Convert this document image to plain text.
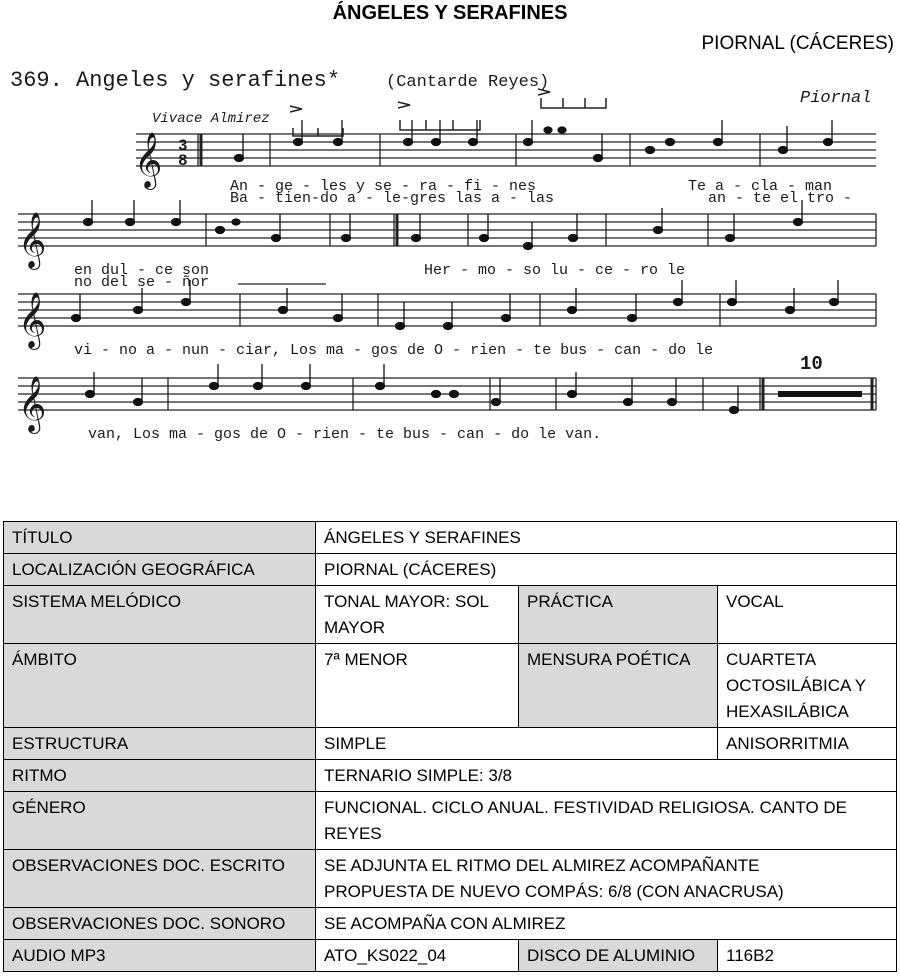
ÁNGELES Y SERAFINES
PIORNAL (CÁCERES)
369. Angeles y serafines*	(Cantarde Reyes)
Piornal
Vivace Almirez
𝄞 3
8
An - ge - les y se - ra - fi - nes	Te a - cla - man
Ba - tien-do a - le-gres las a - las	an - te el tro -
𝄞 en dul - ce son
no del se - ñor
Her - mo - so lu - ce - ro le
𝄞 vi - no a - nun - ciar, Los ma - gos de O - rien - te bus - can - do le
10
𝄞	van, Los ma - gos de O - rien - te bus - can - do le van.
TÍTULO	ÁNGELES Y SERAFINES		
LOCALIZACIÓN GEOGRÁFICA	PIORNAL (CÁCERES)		
SISTEMA MELÓDICO	TONAL MAYOR: SOL MAYOR	PRÁCTICA	VOCAL
ÁMBITO	7ª MENOR	MENSURA POÉTICA	CUARTETA OCTOSILÁBICA Y HEXASILÁBICA
ESTRUCTURA	SIMPLE		ANISORRITMIA
RITMO	TERNARIO SIMPLE: 3/8		
GÉNERO	FUNCIONAL. CICLO ANUAL. FESTIVIDAD RELIGIOSA. CANTO DE REYES		
OBSERVACIONES DOC. ESCRITO	SE ADJUNTA EL RITMO DEL ALMIREZ ACOMPAÑANTE
PROPUESTA DE NUEVO COMPÁS: 6/8 (CON ANACRUSA)		

OBSERVACIONES DOC. SONORO	SE ACOMPAÑA CON ALMIREZ		
AUDIO MP3	ATO_KS022_04	DISCO DE ALUMINIO	116B2
